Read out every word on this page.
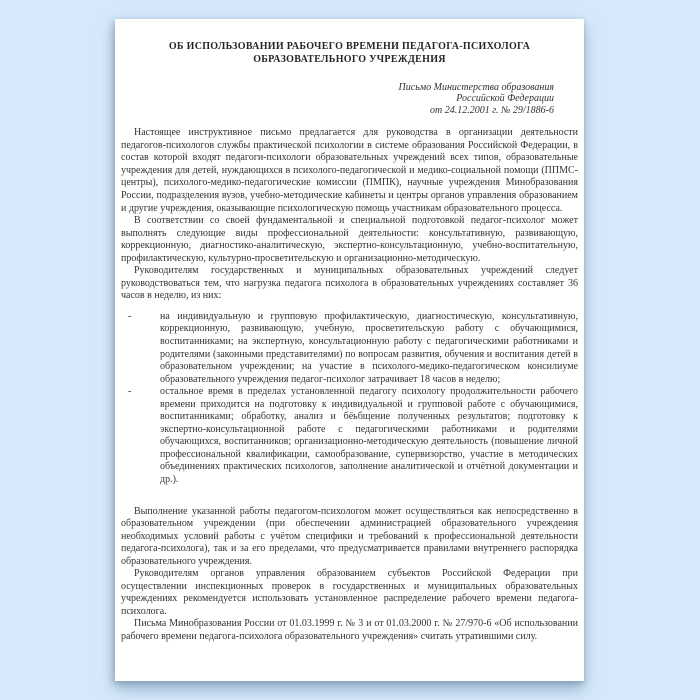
ОБ ИСПОЛЬЗОВАНИИ РАБОЧЕГО ВРЕМЕНИ ПЕДАГОГА-ПСИХОЛОГА
ОБРАЗОВАТЕЛЬНОГО УЧРЕЖДЕНИЯ
Письмо Министерства образования
Российской Федерации
от 24.12.2001 г. № 29/1886-6

Настоящее инструктивное письмо предлагается для руководства в организации деятельности педагогов-психологов службы практической психологии в системе образования Российской Федерации, в состав которой входят педагоги-психологи образовательных учреждений всех типов, образовательные учреждения для детей, нуждающихся в психолого-педагогической и медико-социальной помощи (ППМС-центры), психолого-медико-педагогические комиссии (ПМПК), научные учреждения Минобразования России, подразделения вузов, учебно-методические кабинеты и центры органов управления образованием и другие учреждения, оказывающие психологическую помощь участникам образовательного процесса.

В соответствии со своей фундаментальной и специальной подготовкой педагог-психолог может выполнять следующие виды профессиональной деятельности: консультативную, развивающую, коррекционную, диагностико-аналитическую, экспертно-консультационную, учебно-воспитательную, профилактическую, культурно-просветительскую и организационно-методическую.

Руководителям государственных и муниципальных образовательных учреждений следует руководствоваться тем, что нагрузка педагога психолога в образовательных учреждениях составляет 36 часов в неделю, из них:

-	на индивидуальную и групповую профилактическую, диагностическую, консультативную, коррекционную, развивающую, учебную, просветительскую работу с обучающимися, воспитанниками; на экспертную, консультационную работу с педагогическими работниками и родителями (законными представителями) по вопросам развития, обучения и воспитания детей в образовательном учреждении; на участие в психолого-медико-педагогическом консилиуме образовательного учреждения педагог-психолог затрачивает 18 часов в неделю;
-	остальное время в пределах установленной педагогу психологу продолжительности рабочего времени приходится на подготовку к индивидуальной и групповой работе с обучающимися, воспитанниками; обработку, анализ и бёьбщение полученных результатов; подготовку к экспертно-консультационной работе с педагогическими работниками и родителями обучающихся, воспитанников; организационно-методическую деятельность (повышение личной профессиональной квалификации, самообразование, супервизорство, участие в методических объединениях практических психологов, заполнение аналитической и отчётной документации и др.).

Выполнение указанной работы педагогом-психологом может осуществляться как непосредственно в образовательном учреждении (при обеспечении администрацией образовательного учреждения необходимых условий работы с учётом специфики и требований к профессиональной деятельности педагога-психолога), так и за его пределами, что предусматривается правилами внутреннего распорядка образовательного учреждения.

Руководителям органов управления образованием субъектов Российской Федерации при осуществлении инспекционных проверок в государственных и муниципальных образовательных учреждениях рекомендуется использовать установленное распределение рабочего времени педагога-психолога.

Письма Минобразования России от 01.03.1999 г. № 3 и от 01.03.2000 г. № 27/970-6 «Об использовании рабочего времени педагога-психолога образовательного учреждения» считать утратившими силу.
